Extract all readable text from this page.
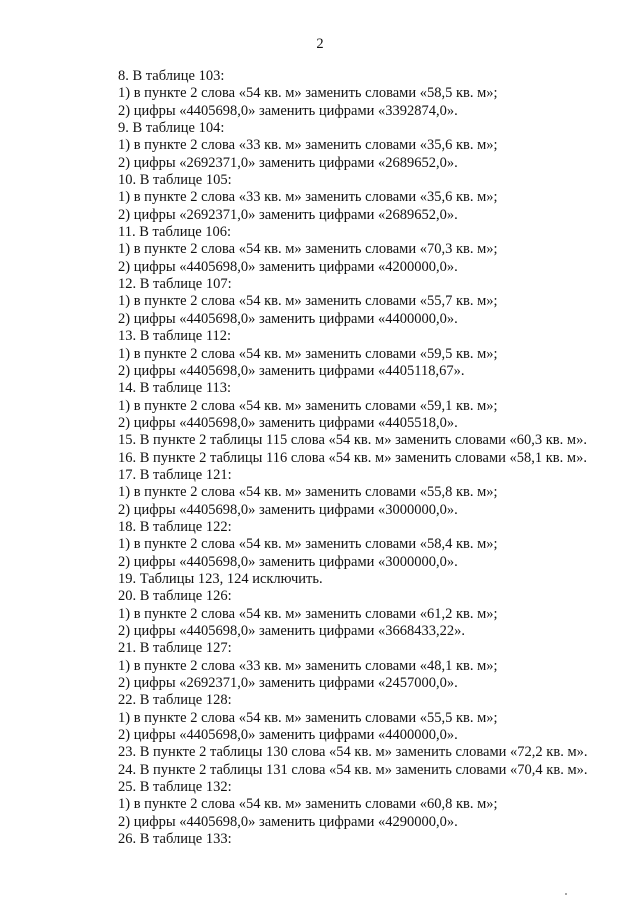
2
8. В таблице 103:
1) в пункте 2 слова «54 кв. м» заменить словами «58,5 кв. м»;
2) цифры «4405698,0» заменить цифрами «3392874,0».
9. В таблице 104:
1) в пункте 2 слова «33 кв. м» заменить словами «35,6 кв. м»;
2) цифры «2692371,0» заменить цифрами «2689652,0».
10. В таблице 105:
1) в пункте 2 слова «33 кв. м» заменить словами «35,6 кв. м»;
2) цифры «2692371,0» заменить цифрами «2689652,0».
11. В таблице 106:
1) в пункте 2 слова «54 кв. м» заменить словами «70,3 кв. м»;
2) цифры «4405698,0» заменить цифрами «4200000,0».
12. В таблице 107:
1) в пункте 2 слова «54 кв. м» заменить словами «55,7 кв. м»;
2) цифры «4405698,0» заменить цифрами «4400000,0».
13. В таблице 112:
1) в пункте 2 слова «54 кв. м» заменить словами «59,5 кв. м»;
2) цифры «4405698,0» заменить цифрами «4405118,67».
14. В таблице 113:
1) в пункте 2 слова «54 кв. м» заменить словами «59,1 кв. м»;
2) цифры «4405698,0» заменить цифрами «4405518,0».
15. В пункте 2 таблицы 115 слова «54 кв. м» заменить словами «60,3 кв. м».
16. В пункте 2 таблицы 116 слова «54 кв. м» заменить словами «58,1 кв. м».
17. В таблице 121:
1) в пункте 2 слова «54 кв. м» заменить словами «55,8 кв. м»;
2) цифры «4405698,0» заменить цифрами «3000000,0».
18. В таблице 122:
1) в пункте 2 слова «54 кв. м» заменить словами «58,4 кв. м»;
2) цифры «4405698,0» заменить цифрами «3000000,0».
19. Таблицы 123, 124 исключить.
20. В таблице 126:
1) в пункте 2 слова «54 кв. м» заменить словами «61,2 кв. м»;
2) цифры «4405698,0» заменить цифрами «3668433,22».
21. В таблице 127:
1) в пункте 2 слова «33 кв. м» заменить словами «48,1 кв. м»;
2) цифры «2692371,0» заменить цифрами «2457000,0».
22. В таблице 128:
1) в пункте 2 слова «54 кв. м» заменить словами «55,5 кв. м»;
2) цифры «4405698,0» заменить цифрами «4400000,0».
23. В пункте 2 таблицы 130 слова «54 кв. м» заменить словами «72,2 кв. м».
24. В пункте 2 таблицы 131 слова «54 кв. м» заменить словами «70,4 кв. м».
25. В таблице 132:
1) в пункте 2 слова «54 кв. м» заменить словами «60,8 кв. м»;
2) цифры «4405698,0» заменить цифрами «4290000,0».
26. В таблице 133:
